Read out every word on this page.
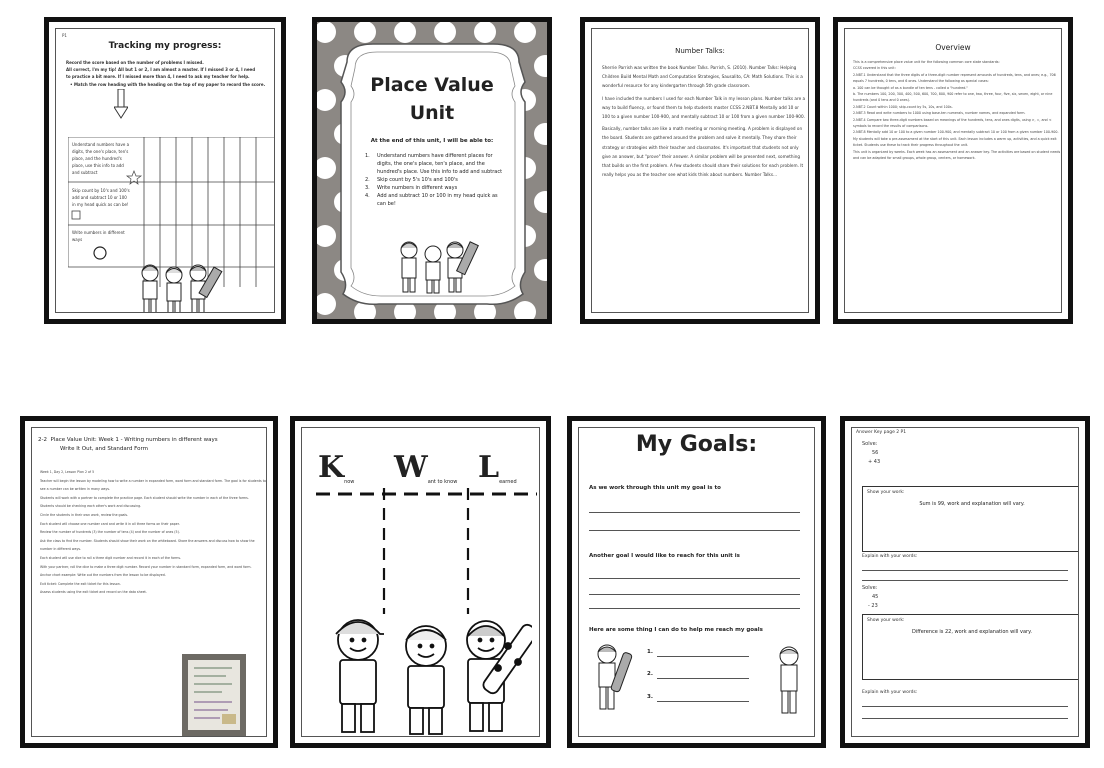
P1
Tracking my progress:
Record the score based on the number of problems I missed.
All correct, I'm my tip! All but 1 or 2, I am almost a master. If I missed 3 or 4, I need
to practice a bit more. If I missed more than 4, I need to ask my teacher for help.
• Match the row heading with the heading on the top of my paper to record the score.
Understand numbers have a digits, the one's place, ten's place, and the hundred's place, use this info to add and subtract
Skip count by 10's and 100's add and subtract 10 or 100 in my head quick as can be!
Write numbers in different ways
Place Value
Unit
At the end of this unit, I will be able to:
1.	Understand numbers have different places for digits, the one's place, ten's place, and the hundred's place. Use this info to add and subtract
2.	Skip count by 5's 10's and 100's
3.	Write numbers in different ways
4.	Add and subtract 10 or 100 in my head quick as can be!
Number Talks:
Sherrie Parrish was written the book Number Talks. Parrish, S. (2010). Number Talks: Helping Children Build Mental Math and Computation Strategies, Sausalito, CA: Math Solutions. This is a wonderful resource for any kindergarten through 5th grade classroom.
I have included the numbers I used for each Number Talk in my lesson plans. Number talks are a way to build fluency, or found them to help students master CCSS 2.NBT.8 Mentally add 10 or 100 to a given number 100-900, and mentally subtract 10 or 100 from a given number 100-900.
Basically, number talks are like a math meeting or morning meeting. A problem is displayed on the board. Students are gathered around the problem and solve it mentally. They share their strategy or strategies with their teacher and classmates. It's important that students not only give an answer, but "prove" their answer. A similar problem will be presented next, something that builds on the first problem. A few students should share their solutions for each problem. It really helps you as the teacher see what kids think about numbers. Number Talks...
Overview
This is a comprehensive place value unit for the following common core state standards:
CCSS covered in this unit:
2.NBT.1 Understand that the three digits of a three-digit number represent amounts of hundreds, tens, and ones; e.g., 706 equals 7 hundreds, 0 tens, and 6 ones. Understand the following as special cases:
a. 100 can be thought of as a bundle of ten tens - called a "hundred."
b. The numbers 100, 200, 300, 400, 500, 600, 700, 800, 900 refer to one, two, three, four, five, six, seven, eight, or nine hundreds (and 0 tens and 0 ones).
2.NBT.2 Count within 1000; skip-count by 5s, 10s, and 100s.
2.NBT.3 Read and write numbers to 1000 using base-ten numerals, number names, and expanded form.
2.NBT.4 Compare two three-digit numbers based on meanings of the hundreds, tens, and ones digits, using >, =, and < symbols to record the results of comparisons.
2.NBT.8 Mentally add 10 or 100 to a given number 100-900, and mentally subtract 10 or 100 from a given number 100-900.
My students will take a pre-assessment at the start of this unit. Each lesson includes a warm up, activities, and a quick exit ticket. Students use these to track their progress throughout the unit.
This unit is organized by weeks. Each week has an assessment and an answer key. The activities are based on student needs and can be adapted for small groups, whole group, centers, or homework.
2-2 Place Value Unit: Week 1 - Writing numbers in different ways
Write It Out, and Standard Form
Week 1, Day 2, Lesson Plan 2 of 5
Teacher will begin the lesson by modeling how to write a number in expanded form, word form and standard form. The goal is for students to see a number can be written in many ways.
Students will work with a partner to complete the practice page. Each student should write the number in each of the three forms.
Students should be checking each other's work and discussing.
Circle the students in their own work, review the goals.
Each student will choose one number card and write it in all three forms on their paper.
Review the number of hundreds (3) the number of tens (4) and the number of ones (5).
Ask the class to find the number. Students should show their work on the whiteboard. Share the answers and discuss how to show the number in different ways.
Each student will use dice to roll a three digit number and record it in each of the forms.
With your partner, roll the dice to make a three digit number. Record your number in standard form, expanded form, and word form.
Anchor chart example: Write out the numbers from the lesson to be displayed.
Exit ticket: Complete the exit ticket for this lesson.
Assess students using the exit ticket and record on the data sheet.
Know Want to know Learned
My Goals:
As we work through this unit my goal is to
Another goal I would like to reach for this unit is
Here are some thing I can do to help me reach my goals
1.
2.
3.
Answer Key page 2 P1
Solve:
56
+ 43
Show your work:
Sum is 99, work and explanation will vary.
Explain with your words:
Solve:
45
- 23
Show your work:
Difference is 22, work and explanation will vary.
Explain with your words:
